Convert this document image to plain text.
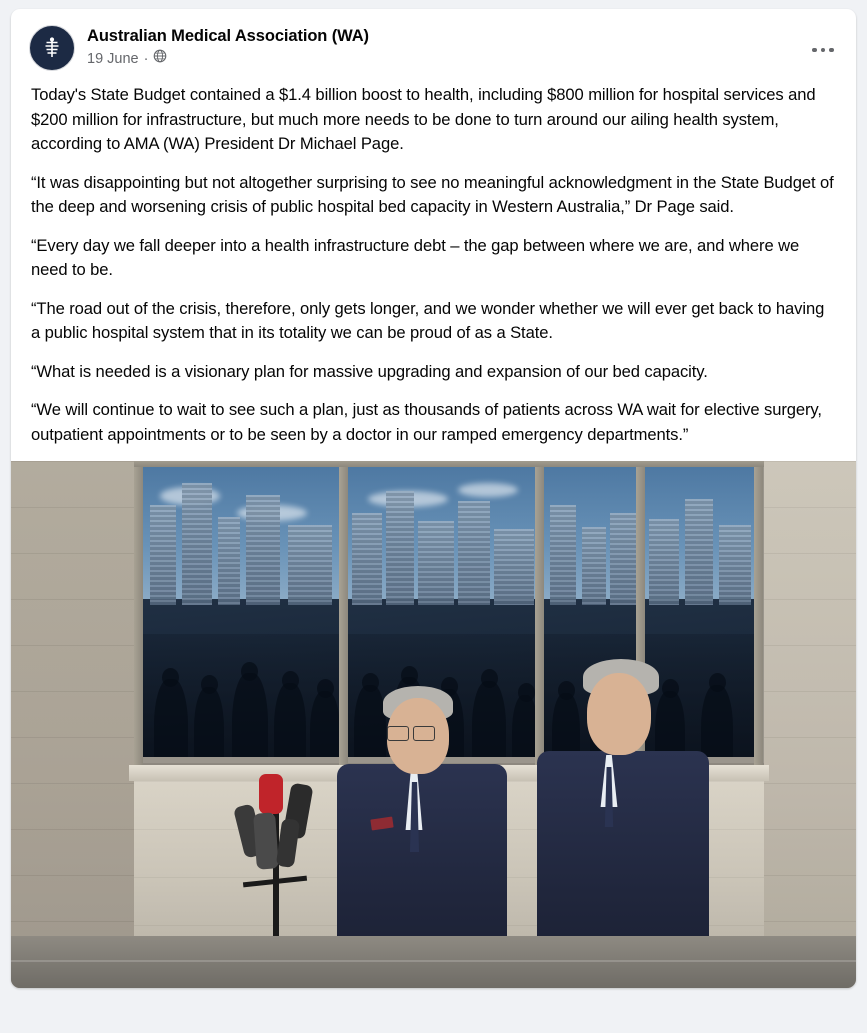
Australian Medical Association (WA)
19 June ·

Today's State Budget contained a $1.4 billion boost to health, including $800 million for hospital services and $200 million for infrastructure, but much more needs to be done to turn around our ailing health system, according to AMA (WA) President Dr Michael Page.

“It was disappointing but not altogether surprising to see no meaningful acknowledgment in the State Budget of the deep and worsening crisis of public hospital bed capacity in Western Australia,” Dr Page said.

“Every day we fall deeper into a health infrastructure debt – the gap between where we are, and where we need to be.

“The road out of the crisis, therefore, only gets longer, and we wonder whether we will ever get back to having a public hospital system that in its totality we can be proud of as a State.

“What is needed is a visionary plan for massive upgrading and expansion of our bed capacity.

“We will continue to wait to see such a plan, just as thousands of patients across WA wait for elective surgery, outpatient appointments or to be seen by a doctor in our ramped emergency departments.”
